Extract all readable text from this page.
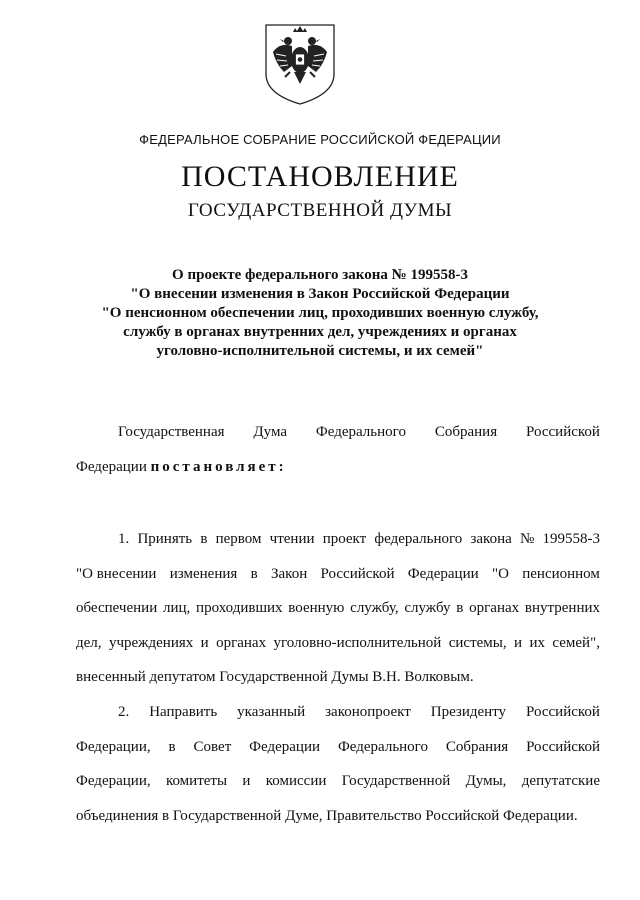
ФЕДЕРАЛЬНОЕ СОБРАНИЕ РОССИЙСКОЙ ФЕДЕРАЦИИ
ПОСТАНОВЛЕНИЕ
ГОСУДАРСТВЕННОЙ ДУМЫ
О проекте федерального закона № 199558-3
"О внесении изменения в Закон Российской Федерации
"О пенсионном обеспечении лиц, проходивших военную службу,
службу в органах внутренних дел, учреждениях и органах
уголовно-исполнительной системы, и их семей"
Государственная Дума Федерального Собрания Российской
Федерации постановляет:
1. Принять в первом чтении проект федерального закона № 199558-3
"О внесении изменения в Закон Российской Федерации "О пенсионном
обеспечении лиц, проходивших военную службу, службу в органах внутренних
дел, учреждениях и органах уголовно-исполнительной системы, и их семей",
внесенный депутатом Государственной Думы В.Н. Волковым.
2. Направить указанный законопроект Президенту Российской
Федерации, в Совет Федерации Федерального Собрания Российской
Федерации, комитеты и комиссии Государственной Думы, депутатские
объединения в Государственной Думе, Правительство Российской Федерации.
